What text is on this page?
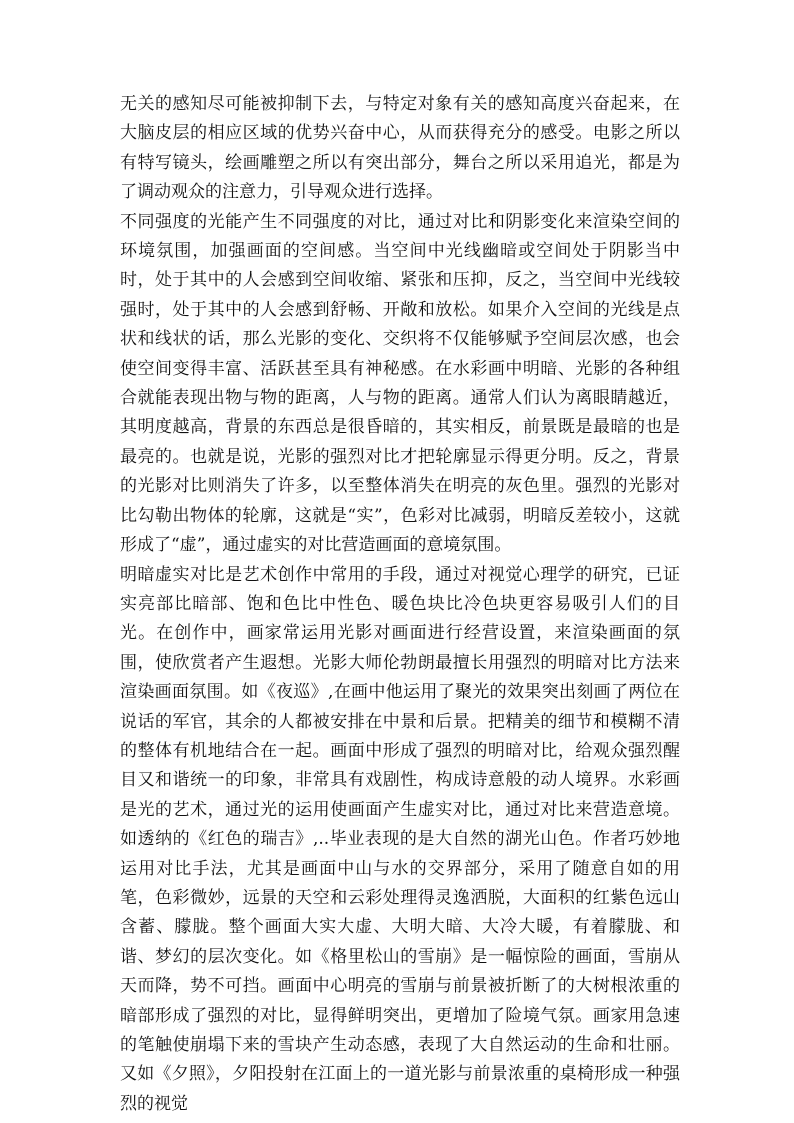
无关的感知尽可能被抑制下去，与特定对象有关的感知高度兴奋起来，在大脑皮层的相应区域的优势兴奋中心，从而获得充分的感受。电影之所以有特写镜头，绘画雕塑之所以有突出部分，舞台之所以采用追光，都是为了调动观众的注意力，引导观众进行选择。

不同强度的光能产生不同强度的对比，通过对比和阴影变化来渲染空间的环境氛围，加强画面的空间感。当空间中光线幽暗或空间处于阴影当中时，处于其中的人会感到空间收缩、紧张和压抑，反之，当空间中光线较强时，处于其中的人会感到舒畅、开敞和放松。如果介入空间的光线是点状和线状的话，那么光影的变化、交织将不仅能够赋予空间层次感，也会使空间变得丰富、活跃甚至具有神秘感。在水彩画中明暗、光影的各种组合就能表现出物与物的距离，人与物的距离。通常人们认为离眼睛越近，其明度越高，背景的东西总是很昏暗的，其实相反，前景既是最暗的也是最亮的。也就是说，光影的强烈对比才把轮廓显示得更分明。反之，背景的光影对比则消失了许多，以至整体消失在明亮的灰色里。强烈的光影对比勾勒出物体的轮廓，这就是“实”，色彩对比减弱，明暗反差较小，这就形成了“虚”，通过虚实的对比营造画面的意境氛围。

明暗虚实对比是艺术创作中常用的手段，通过对视觉心理学的研究，已证实亮部比暗部、饱和色比中性色、暖色块比冷色块更容易吸引人们的目光。在创作中，画家常运用光影对画面进行经营设置，来渲染画面的氛围，使欣赏者产生遐想。光影大师伦勃朗最擅长用强烈的明暗对比方法来渲染画面氛围。如《夜巡》,在画中他运用了聚光的效果突出刻画了两位在说话的军官，其余的人都被安排在中景和后景。把精美的细节和模糊不清的整体有机地结合在一起。画面中形成了强烈的明暗对比，给观众强烈醒目又和谐统一的印象，非常具有戏剧性，构成诗意般的动人境界。水彩画是光的艺术，通过光的运用使画面产生虚实对比，通过对比来营造意境。如透纳的《红色的瑞吉》,..毕业表现的是大自然的湖光山色。作者巧妙地运用对比手法，尤其是画面中山与水的交界部分，采用了随意自如的用笔，色彩微妙，远景的天空和云彩处理得灵逸洒脱，大面积的红紫色远山含蓄、朦胧。整个画面大实大虚、大明大暗、大冷大暖，有着朦胧、和谐、梦幻的层次变化。如《格里松山的雪崩》是一幅惊险的画面，雪崩从天而降，势不可挡。画面中心明亮的雪崩与前景被折断了的大树根浓重的暗部形成了强烈的对比，显得鲜明突出，更增加了险境气氛。画家用急速的笔触使崩塌下来的雪块产生动态感，表现了大自然运动的生命和壮丽。又如《夕照》，夕阳投射在江面上的一道光影与前景浓重的桌椅形成一种强烈的视觉
